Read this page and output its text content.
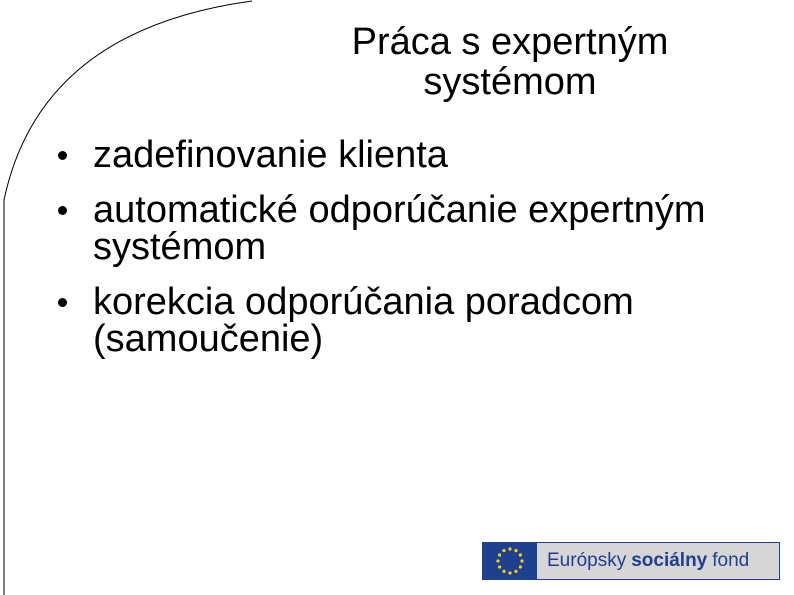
Práca s expertným systémom
zadefinovanie klienta
automatické odporúčanie expertným systémom
korekcia odporúčania poradcom (samoučenie)
Európsky sociálny fond
